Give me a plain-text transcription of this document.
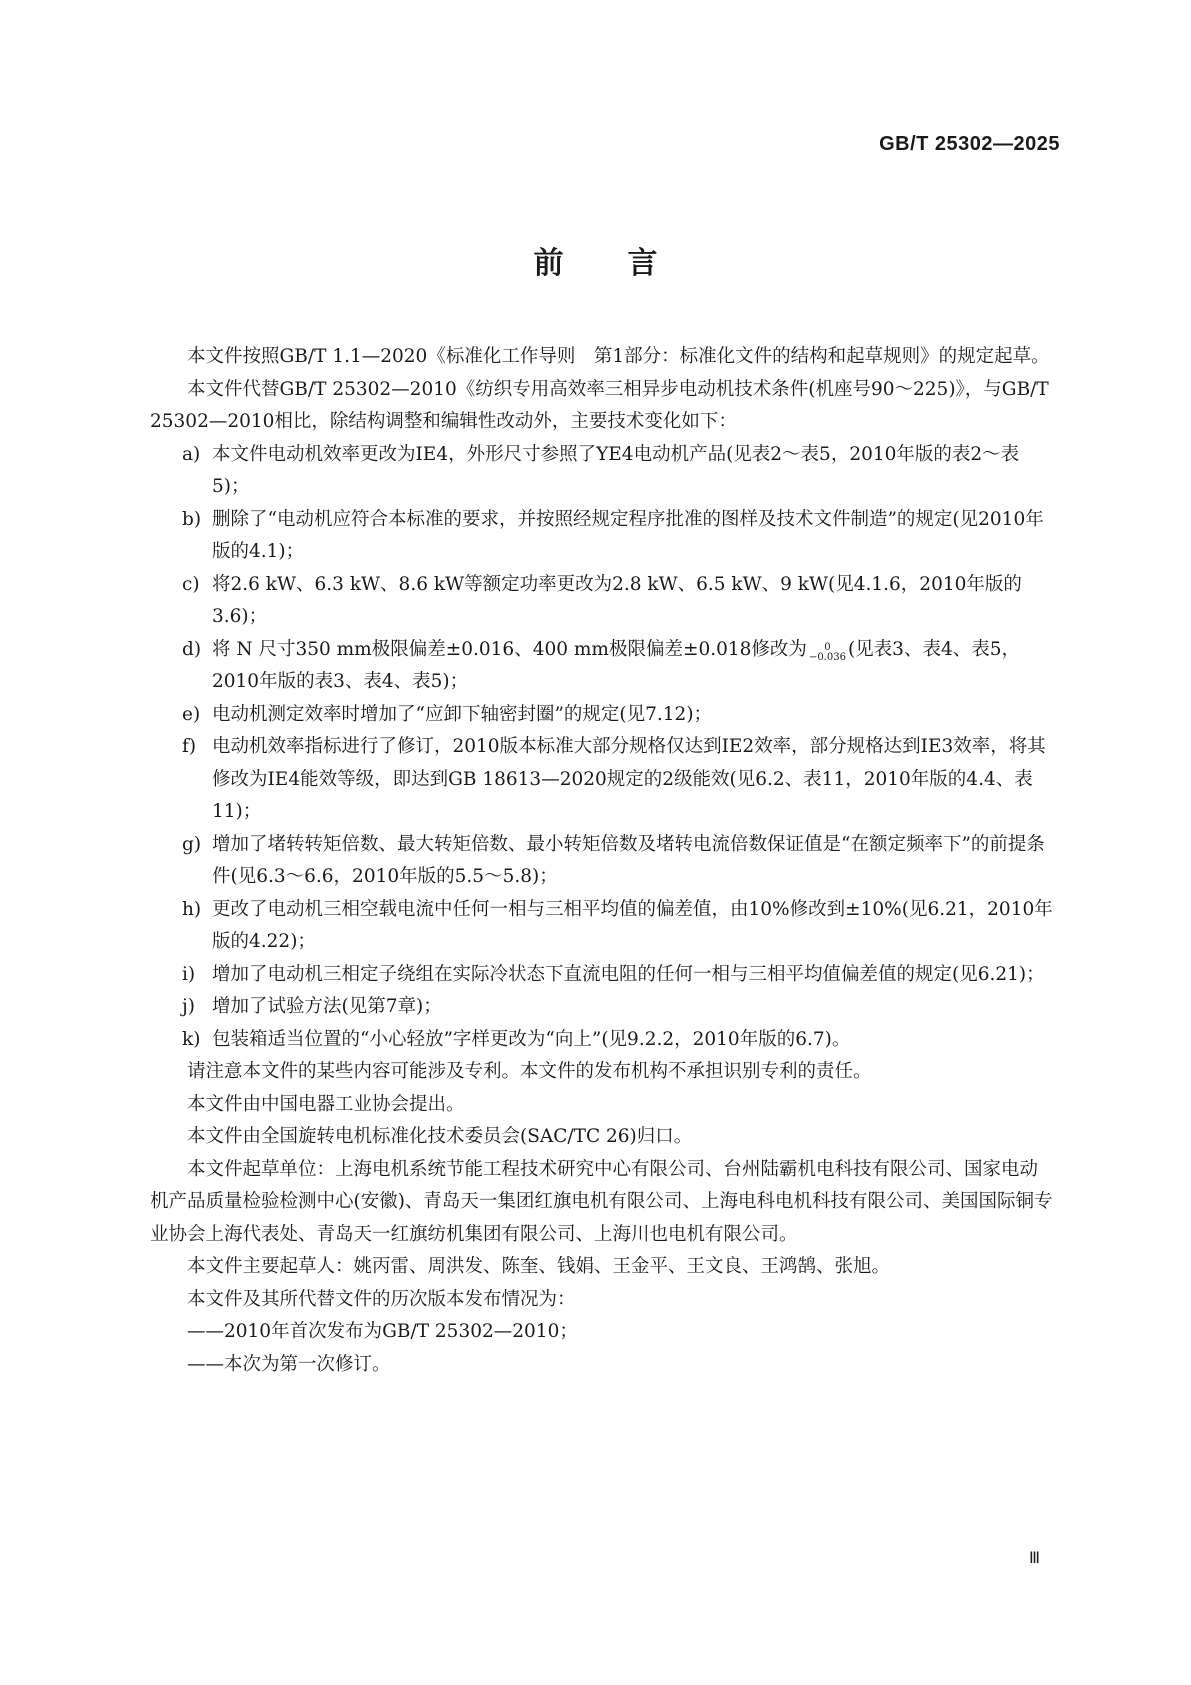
GB/T 25302—2025
前 言

本文件按照GB/T 1.1—2020《标准化工作导则　第1部分：标准化文件的结构和起草规则》的规定起草。

本文件代替GB/T 25302—2010《纺织专用高效率三相异步电动机技术条件(机座号90～225)》，与GB/T 25302—2010相比，除结构调整和编辑性改动外，主要技术变化如下：

a) 本文件电动机效率更改为IE4，外形尺寸参照了YE4电动机产品(见表2～表5，2010年版的表2～表5)；

b) 删除了“电动机应符合本标准的要求，并按照经规定程序批准的图样及技术文件制造”的规定(见2010年版的4.1)；

c) 将2.6 kW、6.3 kW、8.6 kW等额定功率更改为2.8 kW、6.5 kW、9 kW(见4.1.6，2010年版的3.6)；

d) 将 N 尺寸350 mm极限偏差±0.016、400 mm极限偏差±0.018修改为	0
−0.036 (见表3、表4、表5，2010年版的表3、表4、表5)；

e) 电动机测定效率时增加了“应卸下轴密封圈”的规定(见7.12)；

f) 电动机效率指标进行了修订，2010版本标准大部分规格仅达到IE2效率，部分规格达到IE3效率，将其修改为IE4能效等级，即达到GB 18613—2020规定的2级能效(见6.2、表11，2010年版的4.4、表11)；

g) 增加了堵转转矩倍数、最大转矩倍数、最小转矩倍数及堵转电流倍数保证值是“在额定频率下”的前提条件(见6.3～6.6，2010年版的5.5～5.8)；

h) 更改了电动机三相空载电流中任何一相与三相平均值的偏差值，由10%修改到±10%(见6.21，2010年版的4.22)；

i) 增加了电动机三相定子绕组在实际冷状态下直流电阻的任何一相与三相平均值偏差值的规定(见6.21)；

j) 增加了试验方法(见第7章)；

k) 包装箱适当位置的“小心轻放”字样更改为“向上”(见9.2.2，2010年版的6.7)。

请注意本文件的某些内容可能涉及专利。本文件的发布机构不承担识别专利的责任。

本文件由中国电器工业协会提出。

本文件由全国旋转电机标准化技术委员会(SAC/TC 26)归口。

本文件起草单位：上海电机系统节能工程技术研究中心有限公司、台州陆霸机电科技有限公司、国家电动机产品质量检验检测中心(安徽)、青岛天一集团红旗电机有限公司、上海电科电机科技有限公司、美国国际铜专业协会上海代表处、青岛天一红旗纺机集团有限公司、上海川也电机有限公司。

本文件主要起草人：姚丙雷、周洪发、陈奎、钱娟、王金平、王文良、王鸿鹄、张旭。

本文件及其所代替文件的历次版本发布情况为：

——2010年首次发布为GB/T 25302—2010；

——本次为第一次修订。

Ⅲ
